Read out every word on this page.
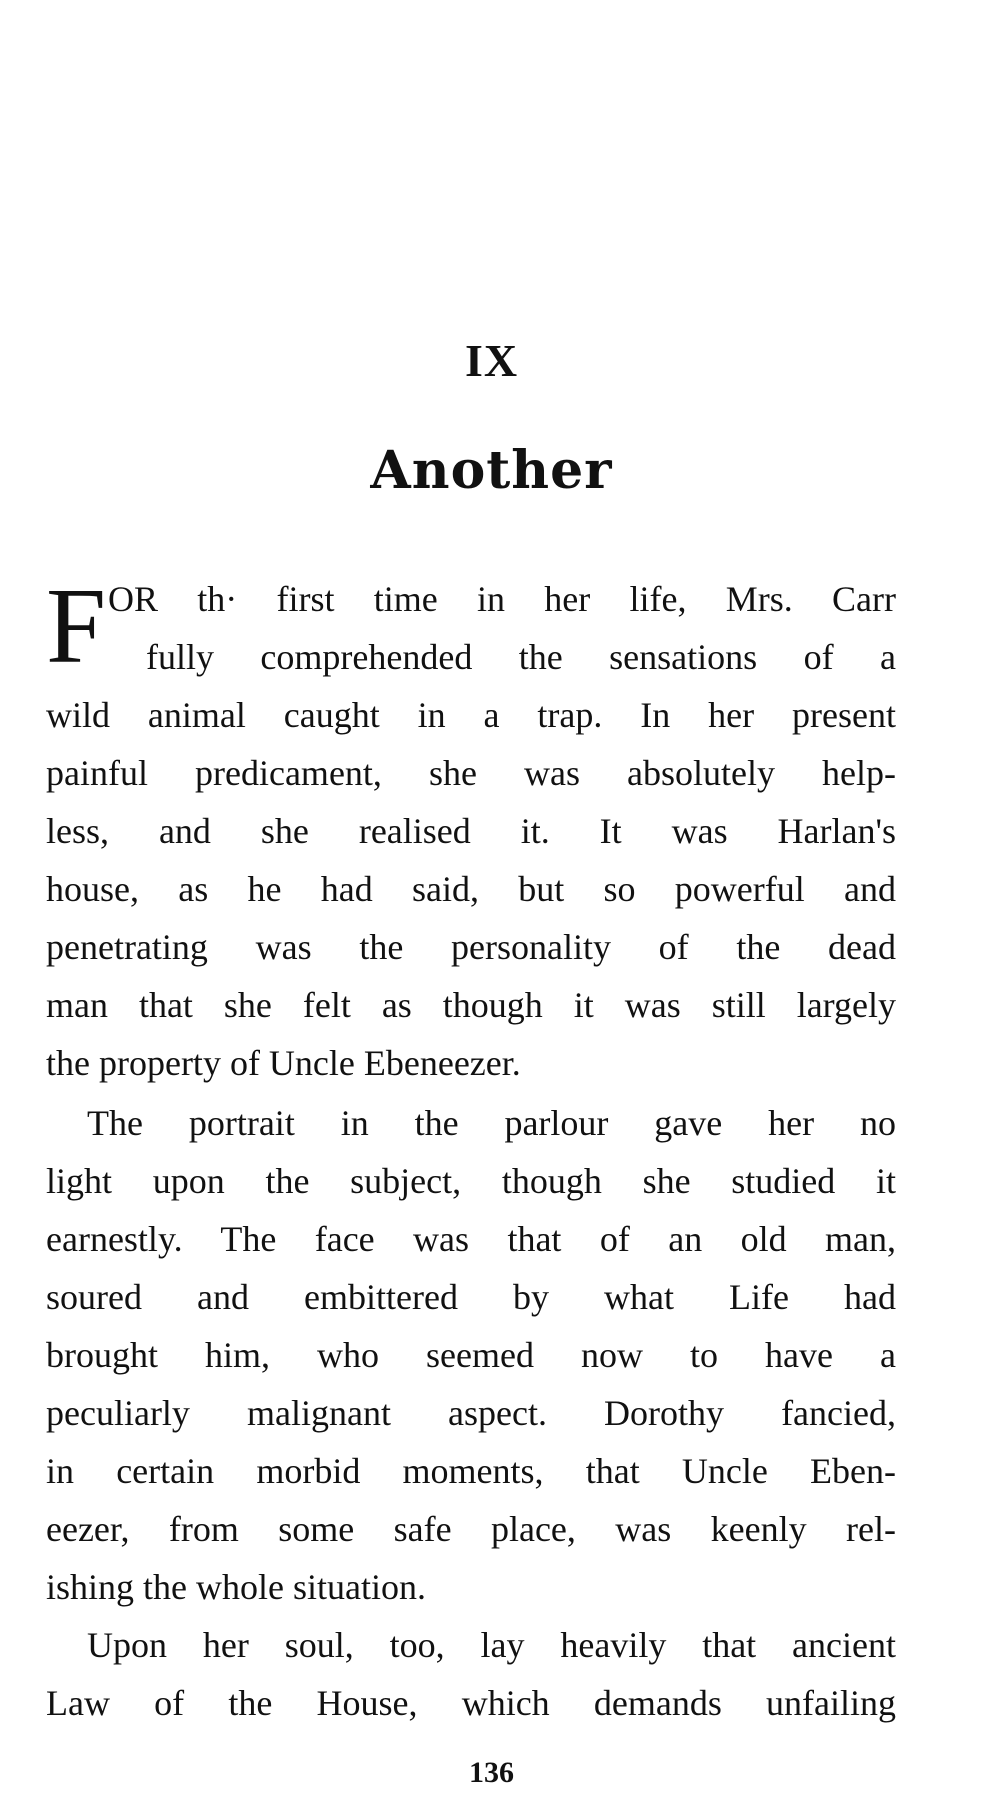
IX
Another
F OR th· first time in her life, Mrs. Carr
fully comprehended the sensations of a
wild animal caught in a trap. In her present
painful predicament, she was absolutely help-
less, and she realised it. It was Harlan's
house, as he had said, but so powerful and
penetrating was the personality of the dead
man that she felt as though it was still largely
the property of Uncle Ebeneezer.
The portrait in the parlour gave her no
light upon the subject, though she studied it
earnestly. The face was that of an old man,
soured and embittered by what Life had
brought him, who seemed now to have a
peculiarly malignant aspect. Dorothy fancied,
in certain morbid moments, that Uncle Eben-
eezer, from some safe place, was keenly rel-
ishing the whole situation.
Upon her soul, too, lay heavily that ancient
Law of the House, which demands unfailing
136
